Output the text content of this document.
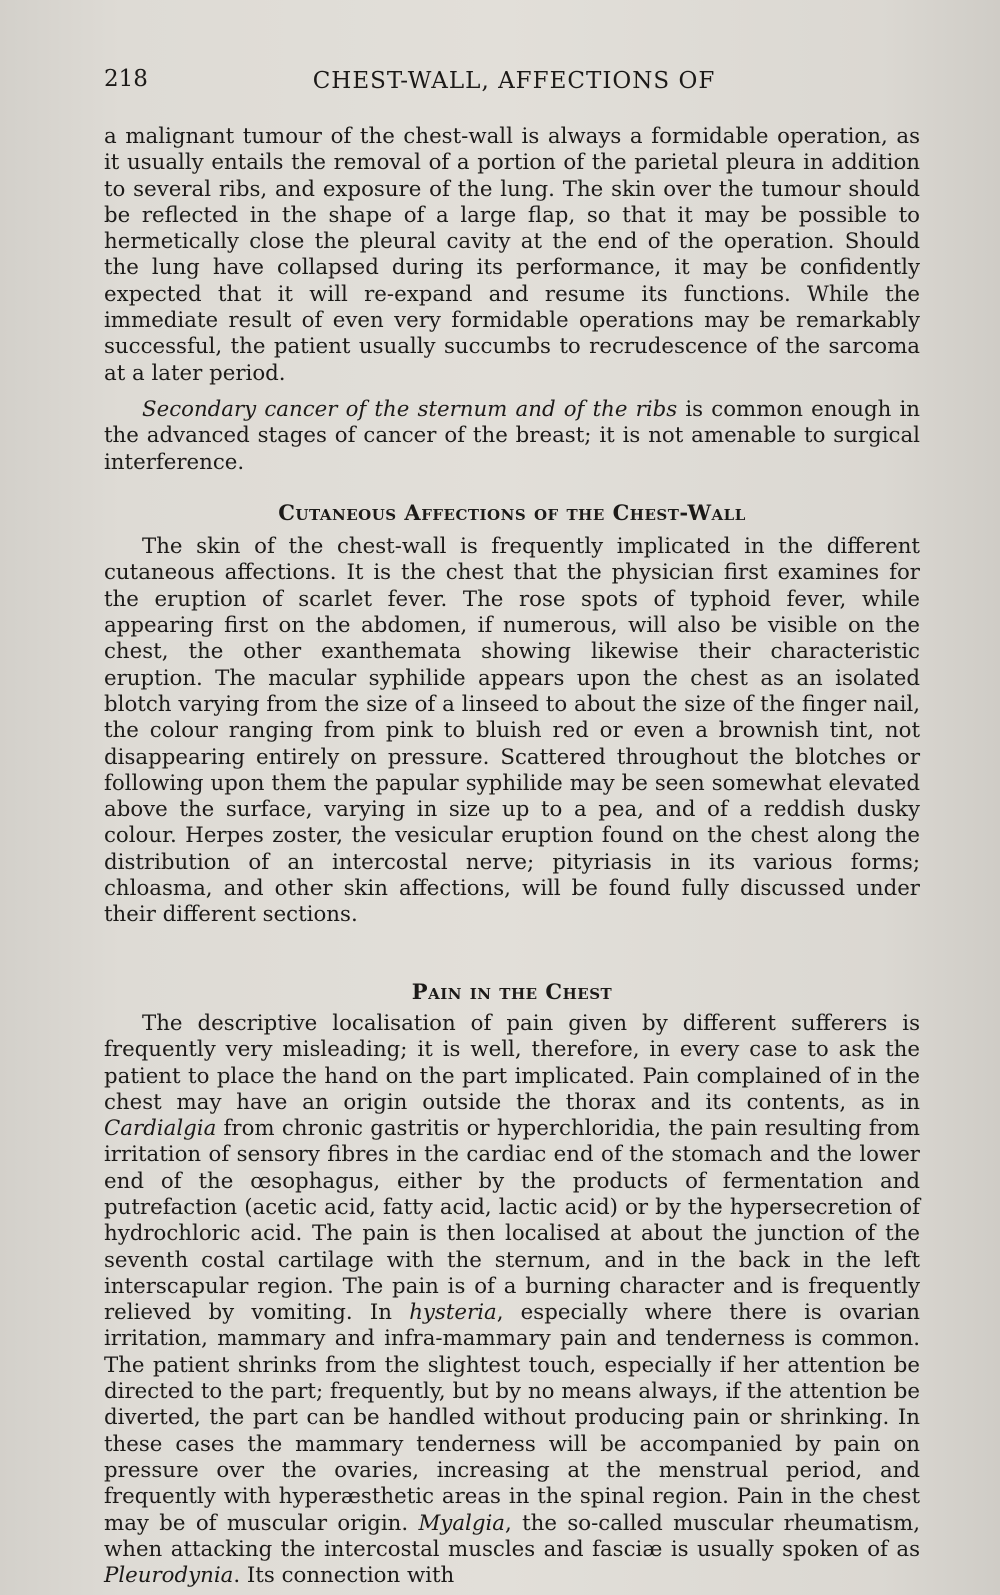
218	CHEST-WALL, AFFECTIONS OF

a malignant tumour of the chest-wall is always a formidable operation, as it usually entails the removal of a portion of the parietal pleura in addition to several ribs, and exposure of the lung. The skin over the tumour should be reflected in the shape of a large flap, so that it may be possible to hermetically close the pleural cavity at the end of the operation. Should the lung have collapsed during its performance, it may be confidently expected that it will re-expand and resume its functions. While the immediate result of even very formidable operations may be remarkably successful, the patient usually succumbs to recrudescence of the sarcoma at a later period.

Secondary cancer of the sternum and of the ribs is common enough in the advanced stages of cancer of the breast; it is not amenable to surgical interference.

Cutaneous Affections of the Chest-Wall

The skin of the chest-wall is frequently implicated in the different cutaneous affections. It is the chest that the physician first examines for the eruption of scarlet fever. The rose spots of typhoid fever, while appearing first on the abdomen, if numerous, will also be visible on the chest, the other exanthemata showing likewise their characteristic eruption. The macular syphilide appears upon the chest as an isolated blotch varying from the size of a linseed to about the size of the finger nail, the colour ranging from pink to bluish red or even a brownish tint, not disappearing entirely on pressure. Scattered throughout the blotches or following upon them the papular syphilide may be seen somewhat elevated above the surface, varying in size up to a pea, and of a reddish dusky colour. Herpes zoster, the vesicular eruption found on the chest along the distribution of an intercostal nerve; pityriasis in its various forms; chloasma, and other skin affections, will be found fully discussed under their different sections.

Pain in the Chest

The descriptive localisation of pain given by different sufferers is frequently very misleading; it is well, therefore, in every case to ask the patient to place the hand on the part implicated. Pain complained of in the chest may have an origin outside the thorax and its contents, as in Cardialgia from chronic gastritis or hyperchloridia, the pain resulting from irritation of sensory fibres in the cardiac end of the stomach and the lower end of the œsophagus, either by the products of fermentation and putrefaction (acetic acid, fatty acid, lactic acid) or by the hypersecretion of hydrochloric acid. The pain is then localised at about the junction of the seventh costal cartilage with the sternum, and in the back in the left interscapular region. The pain is of a burning character and is frequently relieved by vomiting. In hysteria, especially where there is ovarian irritation, mammary and infra-mammary pain and tenderness is common. The patient shrinks from the slightest touch, especially if her attention be directed to the part; frequently, but by no means always, if the attention be diverted, the part can be handled without producing pain or shrinking. In these cases the mammary tenderness will be accompanied by pain on pressure over the ovaries, increasing at the menstrual period, and frequently with hyperæsthetic areas in the spinal region. Pain in the chest may be of muscular origin. Myalgia, the so-called muscular rheumatism, when attacking the intercostal muscles and fasciæ is usually spoken of as Pleurodynia. Its connection with
